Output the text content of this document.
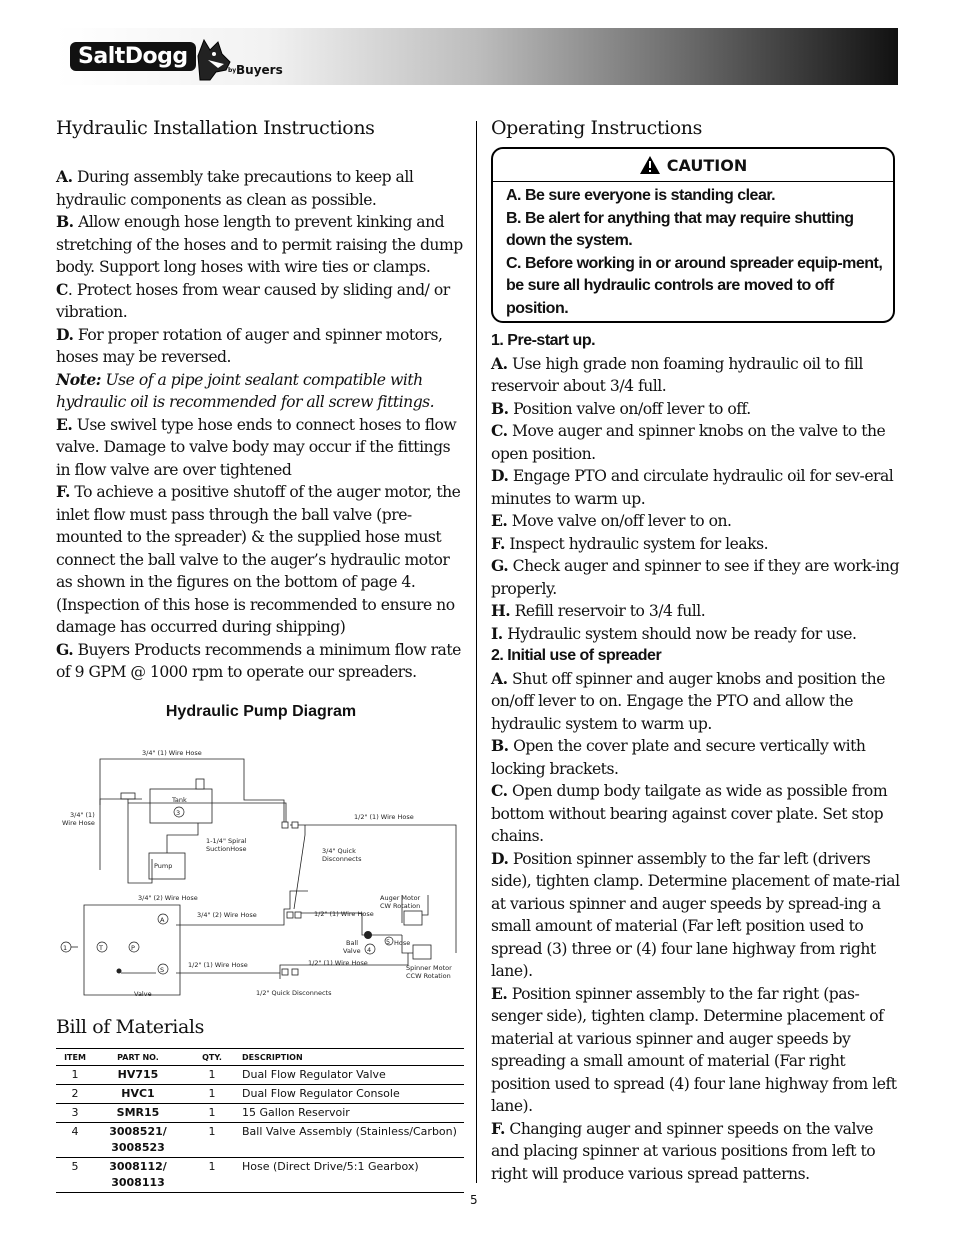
SaltDogg
by Buyers
Hydraulic Installation Instructions

A. During assembly take precautions to keep all hydraulic components as clean as possible.

B. Allow enough hose length to prevent kinking and stretching of the hoses and to permit raising the dump body. Support long hoses with wire ties or clamps.

C. Protect hoses from wear caused by sliding and/ or vibration.

D. For proper rotation of auger and spinner motors, hoses may be reversed.

Note: Use of a pipe joint sealant compatible with hydraulic oil is recommended for all screw fittings.

E. Use swivel type hose ends to connect hoses to flow valve. Damage to valve body may occur if the fittings in flow valve are over tightened

F. To achieve a positive shutoff of the auger motor, the inlet flow must pass through the ball valve (pre-mounted to the spreader) & the supplied hose must connect the ball valve to the auger’s hydraulic motor as shown in the figures on the bottom of page 4. (Inspection of this hose is recommended to ensure no damage has occurred during shipping)

G. Buyers Products recommends a minimum flow rate of 9 GPM @ 1000 rpm to operate our spreaders.

Hydraulic Pump Diagram
3/4" (1) Wire Hose
3/4" (1)
Wire Hose
Tank
1/2" (1) Wire Hose
1-1/4" Spiral
SuctionHose	3/4" Quick
Disconnects
Pump
3/4" (2) Wire Hose
3/4" (2) Wire Hose
Auger Motor
CW Rotation
1/2" (1) Wire Hose
Ball
Valve
Hose
1/2" (1) Wire Hose	1/2" (1) Wire Hose
Spinner Motor
CCW Rotation
Valve	1/2" Quick Disconnects
1	T	P
A
S
3
4
5
Bill of Materials
ITEM	PART NO.	QTY.	DESCRIPTION
1	HV715	1	Dual Flow Regulator Valve
2	HVC1	1	Dual Flow Regulator Console
3	SMR15	1	15 Gallon Reservoir
4	3008521/
3008523	1	Ball Valve Assembly (Stainless/Carbon)
5	3008112/
3008113	1	Hose (Direct Drive/5:1 Gearbox)
Operating Instructions
CAUTION

A. Be sure everyone is standing clear.

B. Be alert for anything that may require shutting down the system.

C. Before working in or around spreader equip-ment, be sure all hydraulic controls are moved to off position.

1. Pre-start up.

A. Use high grade non foaming hydraulic oil to fill reservoir about 3/4 full.

B. Position valve on/off lever to off.

C. Move auger and spinner knobs on the valve to the open position.

D. Engage PTO and circulate hydraulic oil for sev-eral minutes to warm up.

E. Move valve on/off lever to on.

F. Inspect hydraulic system for leaks.

G. Check auger and spinner to see if they are work-ing properly.

H. Refill reservoir to 3/4 full.

I. Hydraulic system should now be ready for use.

2. Initial use of spreader

A. Shut off spinner and auger knobs and position the on/off lever to on. Engage the PTO and allow the hydraulic system to warm up.

B. Open the cover plate and secure vertically with locking brackets.

C. Open dump body tailgate as wide as possible from bottom without bearing against cover plate. Set stop chains.

D. Position spinner assembly to the far left (drivers side), tighten clamp. Determine placement of mate-rial at various spinner and auger speeds by spread-ing a small amount of material (Far left position used to spread (3) three or (4) four lane highway from right lane).

E. Position spinner assembly to the far right (pas-senger side), tighten clamp. Determine placement of material at various spinner and auger speeds by spreading a small amount of material (Far right position used to spread (4) four lane highway from left lane).

F. Changing auger and spinner speeds on the valve and placing spinner at various positions from left to right will produce various spread patterns.

5
